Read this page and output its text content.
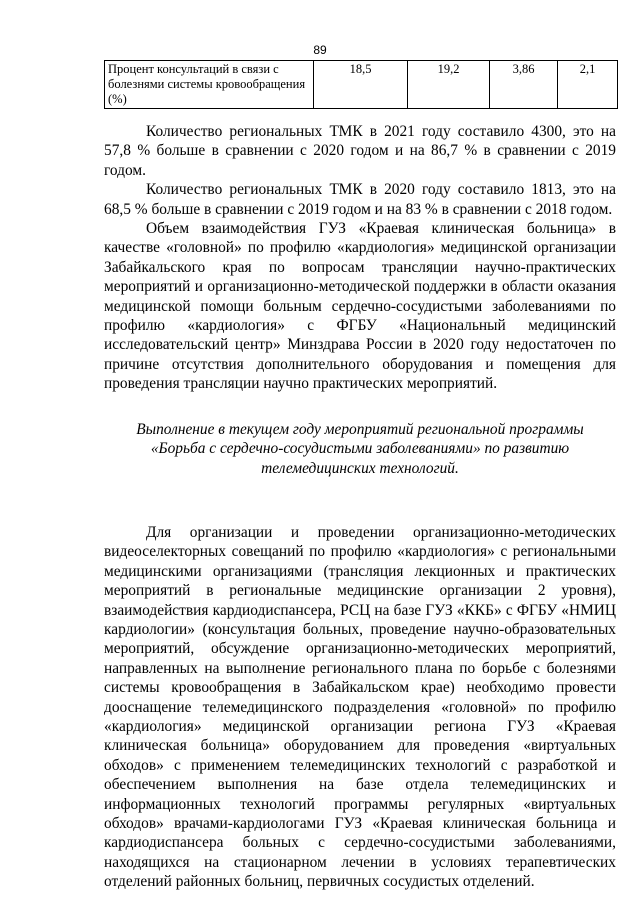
89
Процент консультаций в связи с болезнями системы кровообращения (%)	18,5	19,2	3,86	2,1

Количество региональных ТМК в 2021 году составило 4300, это на 57,8 % больше в сравнении с 2020 годом и на 86,7 % в сравнении с 2019 годом.

Количество региональных ТМК в 2020 году составило 1813, это на 68,5 % больше в сравнении с 2019 годом и на 83 % в сравнении с 2018 годом.

Объем взаимодействия ГУЗ «Краевая клиническая больница» в качестве «головной» по профилю «кардиология» медицинской организации Забайкальского края по вопросам трансляции научно-практических мероприятий и организационно-методической поддержки в области оказания медицинской помощи больным сердечно-сосудистыми заболеваниями по профилю «кардиология» с ФГБУ «Национальный медицинский исследовательский центр» Минздрава России в 2020 году недостаточен по причине отсутствия дополнительного оборудования и помещения для проведения трансляции научно практических мероприятий.

Выполнение в текущем году мероприятий региональной программы «Борьба с сердечно-сосудистыми заболеваниями» по развитию телемедицинских технологий.

Для организации и проведении организационно-методических видеоселекторных совещаний по профилю «кардиология» с региональными медицинскими организациями (трансляция лекционных и практических мероприятий в региональные медицинские организации 2 уровня), взаимодействия кардиодиспансера, РСЦ на базе ГУЗ «ККБ» с ФГБУ «НМИЦ кардиологии» (консультация больных, проведение научно-образовательных мероприятий, обсуждение организационно-методических мероприятий, направленных на выполнение регионального плана по борьбе с болезнями системы кровообращения в Забайкальском крае) необходимо провести дооснащение телемедицинского подразделения «головной» по профилю «кардиология» медицинской организации региона ГУЗ «Краевая клиническая больница» оборудованием для проведения «виртуальных обходов» с применением телемедицинских технологий с разработкой и обеспечением выполнения на базе отдела телемедицинских и информационных технологий программы регулярных «виртуальных обходов» врачами-кардиологами ГУЗ «Краевая клиническая больница и кардиодиспансера больных с сердечно-сосудистыми заболеваниями, находящихся на стационарном лечении в условиях терапевтических отделений районных больниц, первичных сосудистых отделений.
